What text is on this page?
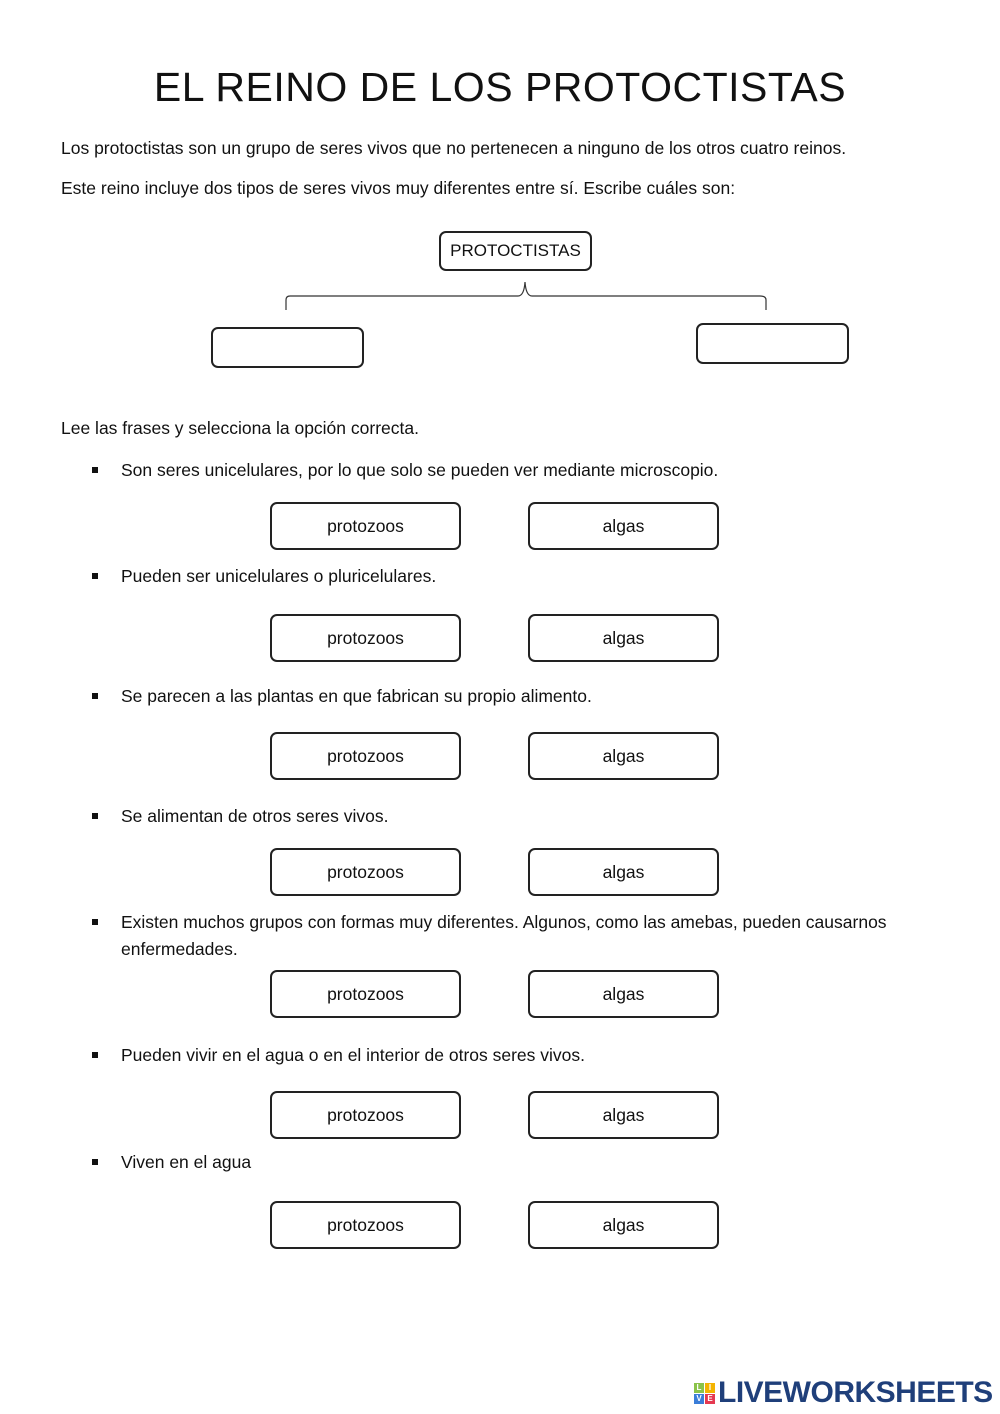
EL REINO DE LOS PROTOCTISTAS
Los protoctistas son un grupo de seres vivos que no pertenecen a ninguno de los otros cuatro reinos.
Este reino incluye dos tipos de seres vivos muy diferentes entre sí. Escribe cuáles son:
PROTOCTISTAS
Lee las frases y selecciona la opción correcta.
Son seres unicelulares, por lo que solo se pueden ver mediante microscopio.
protozoos	algas
Pueden ser unicelulares o pluricelulares.
protozoos	algas
Se parecen a las plantas en que fabrican su propio alimento.
protozoos	algas
Se alimentan de otros seres vivos.
protozoos	algas
Existen muchos grupos con formas muy diferentes. Algunos, como las amebas, pueden causarnos enfermedades.
protozoos	algas
Pueden vivir en el agua o en el interior de otros seres vivos.
protozoos	algas
Viven en el agua
protozoos	algas
L I
V E LIVEWORKSHEETS
